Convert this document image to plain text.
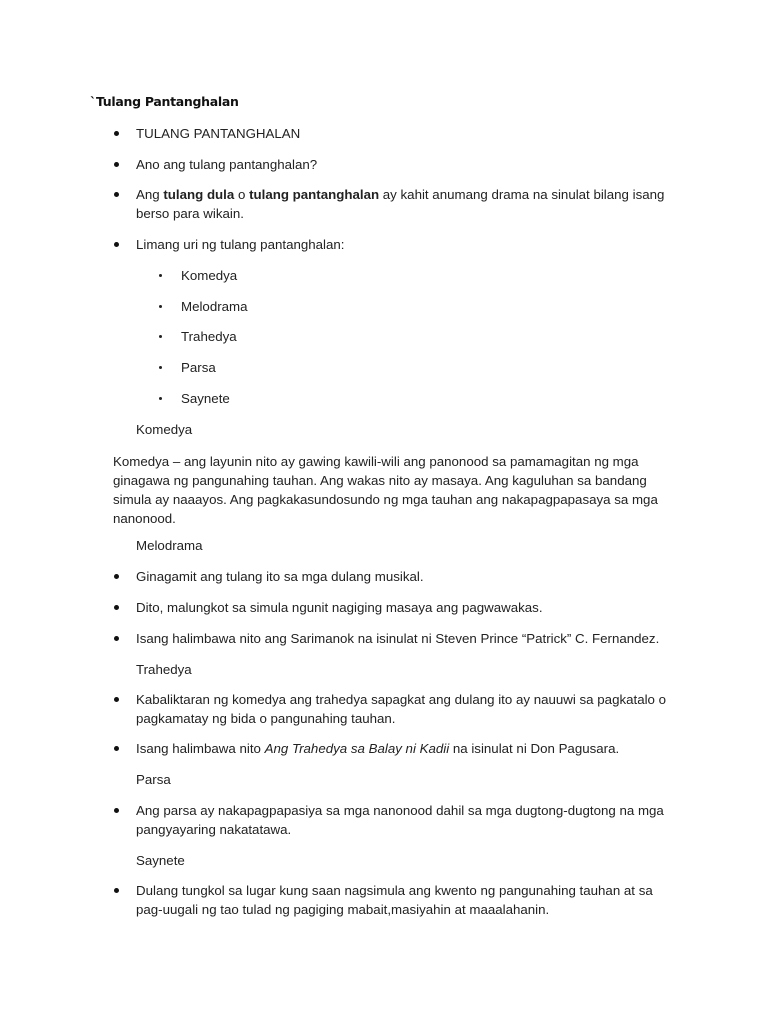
`Tulang Pantanghalan
TULANG PANTANGHALAN
Ano ang tulang pantanghalan?
Ang tulang dula o tulang pantanghalan ay kahit anumang drama na sinulat bilang isang
berso para wikain.
Limang uri ng tulang pantanghalan:
Komedya
Melodrama
Trahedya
Parsa
Saynete
Komedya
Komedya – ang layunin nito ay gawing kawili-wili ang panonood sa pamamagitan ng mga
ginagawa ng pangunahing tauhan. Ang wakas nito ay masaya. Ang kaguluhan sa bandang
simula ay naaayos. Ang pagkakasundosundo ng mga tauhan ang nakapagpapasaya sa mga
nanonood.
Melodrama
Ginagamit ang tulang ito sa mga dulang musikal.
Dito, malungkot sa simula ngunit nagiging masaya ang pagwawakas.
Isang halimbawa nito ang Sarimanok na isinulat ni Steven Prince “Patrick” C. Fernandez.
Trahedya
Kabaliktaran ng komedya ang trahedya sapagkat ang dulang ito ay nauuwi sa pagkatalo o
pagkamatay ng bida o pangunahing tauhan.
Isang halimbawa nito Ang Trahedya sa Balay ni Kadii na isinulat ni Don Pagusara.
Parsa
Ang parsa ay nakapagpapasiya sa mga nanonood dahil sa mga dugtong-dugtong na mga
pangyayaring nakatatawa.
Saynete
Dulang tungkol sa lugar kung saan nagsimula ang kwento ng pangunahing tauhan at sa
pag-uugali ng tao tulad ng pagiging mabait,masiyahin at maaalahanin.
